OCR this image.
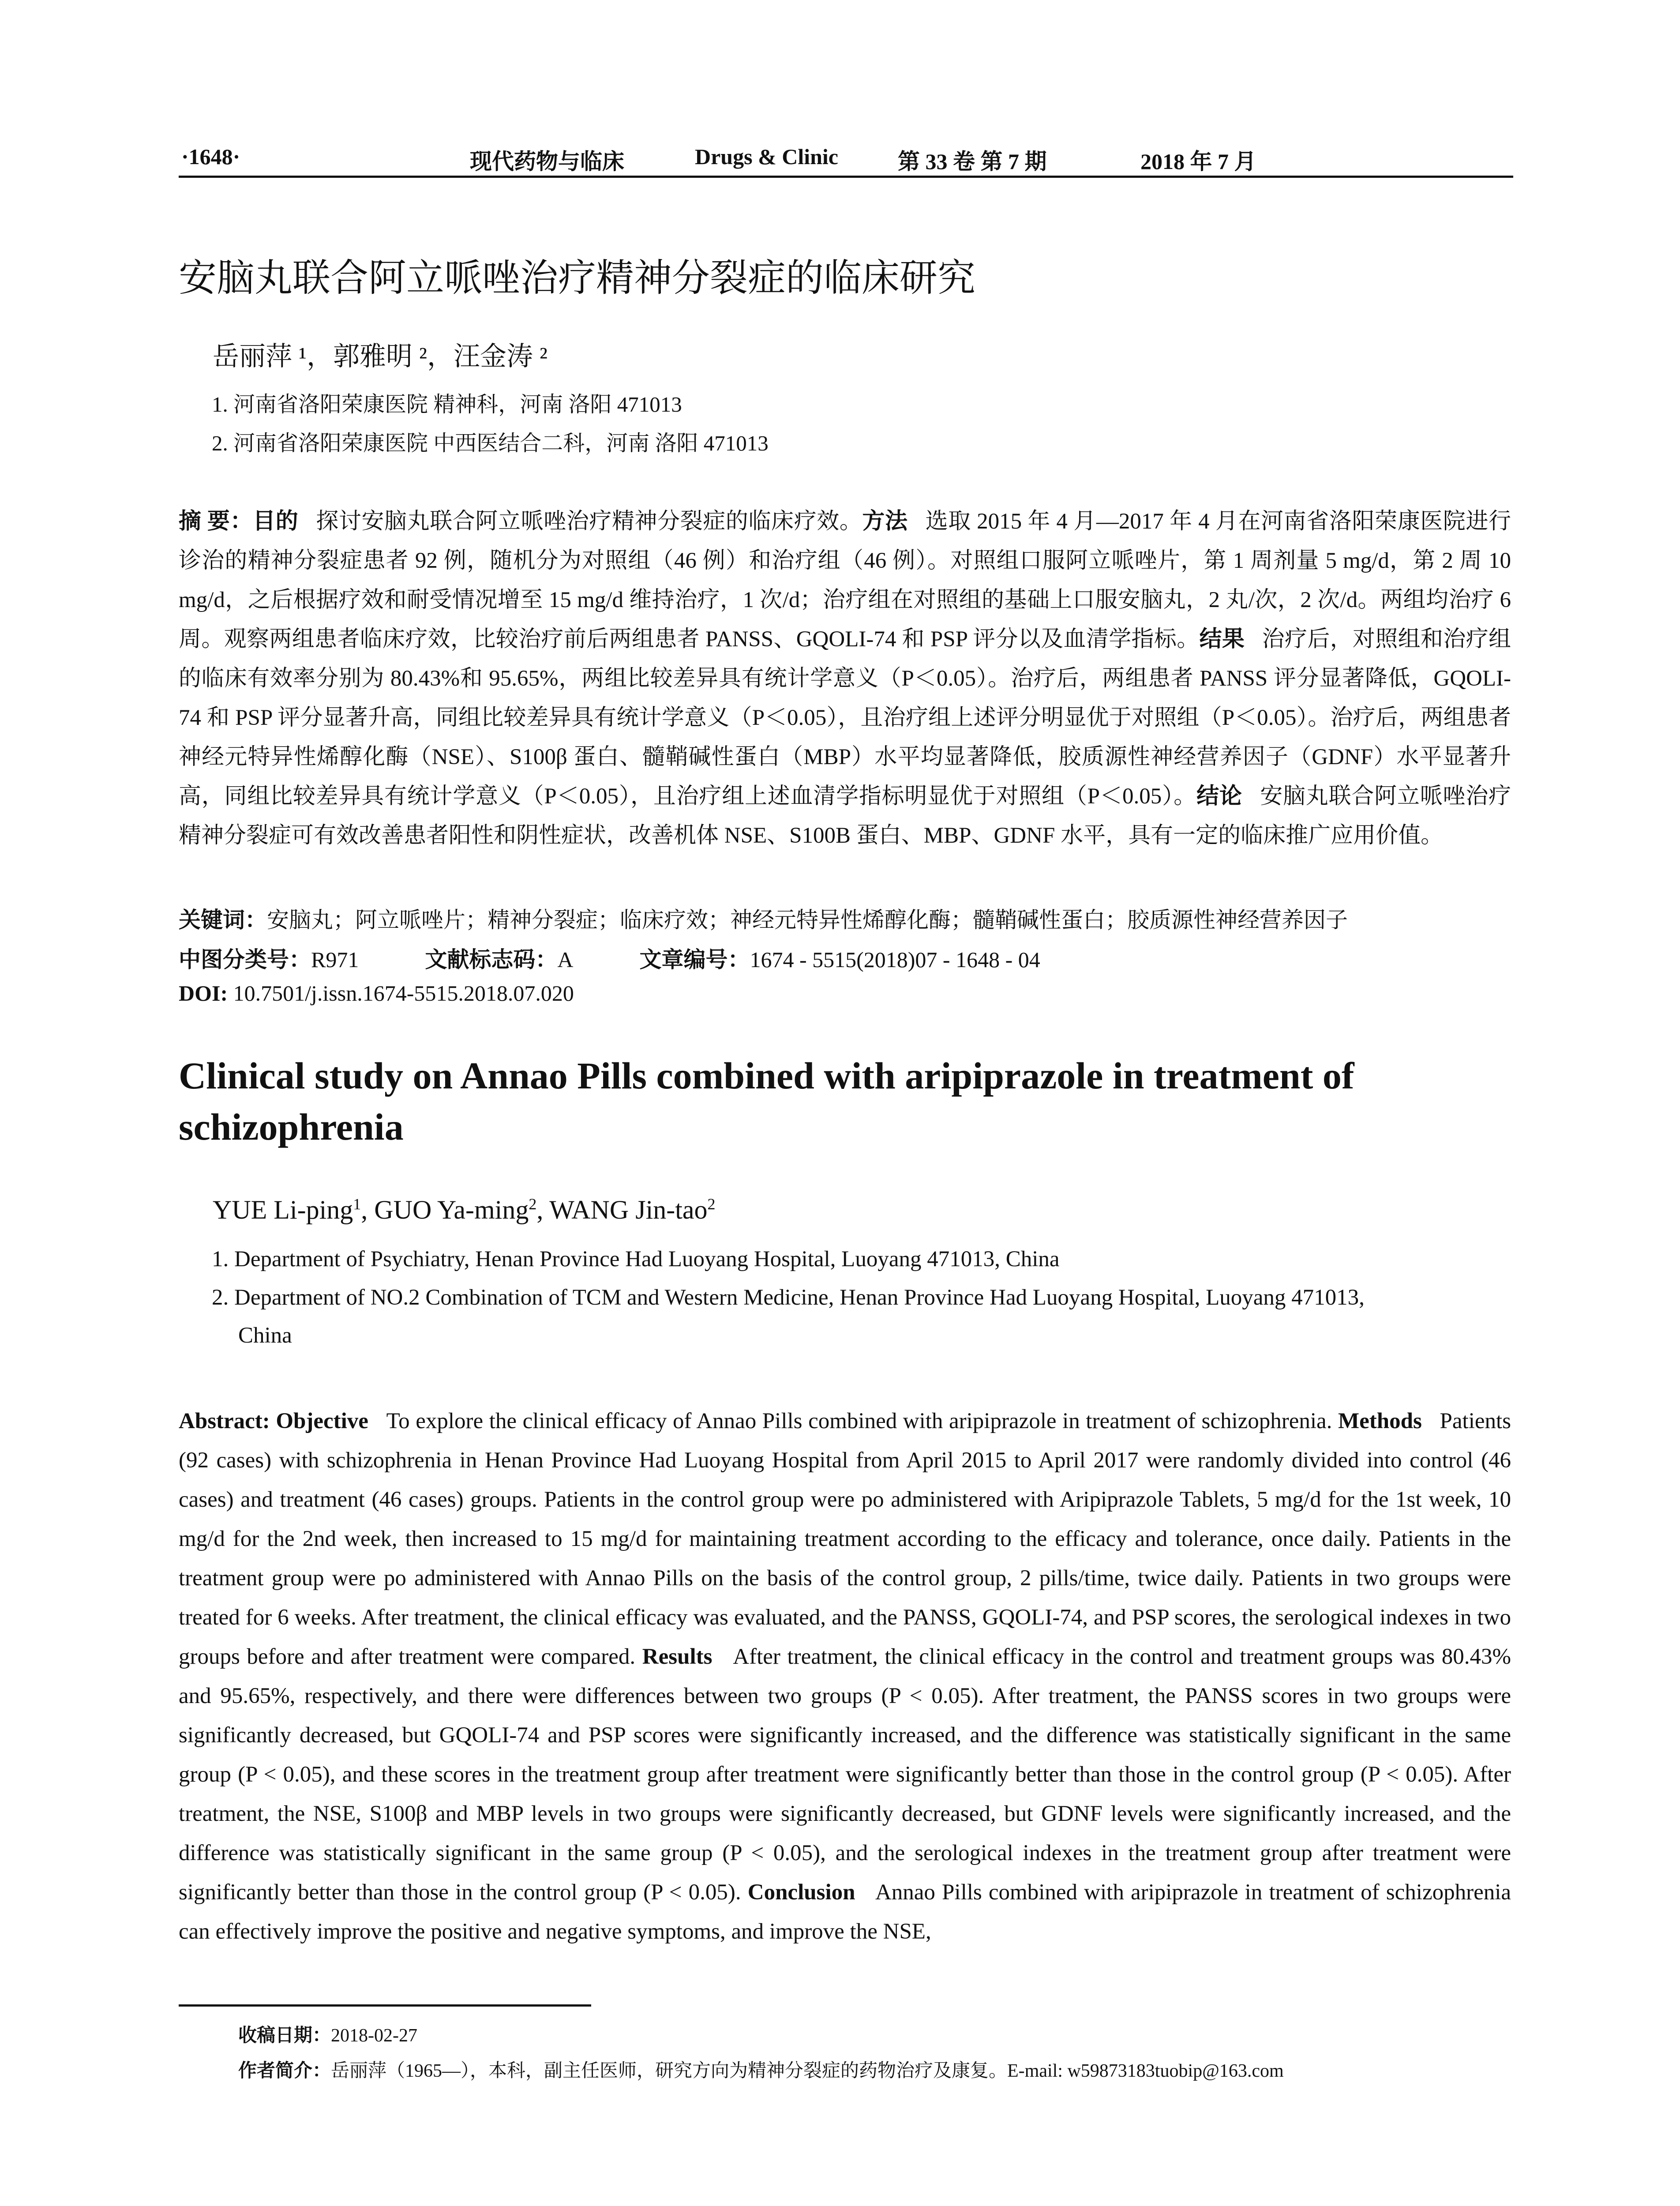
·1648·	现代药物与临床	Drugs & Clinic	第 33 卷 第 7 期	2018 年 7 月
安脑丸联合阿立哌唑治疗精神分裂症的临床研究
岳丽萍 ¹，郭雅明 ²，汪金涛 ²
1. 河南省洛阳荣康医院 精神科，河南 洛阳 471013
2. 河南省洛阳荣康医院 中西医结合二科，河南 洛阳 471013
摘 要：目的 探讨安脑丸联合阿立哌唑治疗精神分裂症的临床疗效。方法 选取 2015 年 4 月—2017 年 4 月在河南省洛阳荣康医院进行诊治的精神分裂症患者 92 例，随机分为对照组（46 例）和治疗组（46 例）。对照组口服阿立哌唑片，第 1 周剂量 5 mg/d，第 2 周 10 mg/d，之后根据疗效和耐受情况增至 15 mg/d 维持治疗，1 次/d；治疗组在对照组的基础上口服安脑丸，2 丸/次，2 次/d。两组均治疗 6 周。观察两组患者临床疗效，比较治疗前后两组患者 PANSS、GQOLI-74 和 PSP 评分以及血清学指标。结果 治疗后，对照组和治疗组的临床有效率分别为 80.43%和 95.65%，两组比较差异具有统计学意义（P＜0.05）。治疗后，两组患者 PANSS 评分显著降低，GQOLI-74 和 PSP 评分显著升高，同组比较差异具有统计学意义（P＜0.05），且治疗组上述评分明显优于对照组（P＜0.05）。治疗后，两组患者神经元特异性烯醇化酶（NSE）、S100β 蛋白、髓鞘碱性蛋白（MBP）水平均显著降低，胶质源性神经营养因子（GDNF）水平显著升高，同组比较差异具有统计学意义（P＜0.05），且治疗组上述血清学指标明显优于对照组（P＜0.05）。结论 安脑丸联合阿立哌唑治疗精神分裂症可有效改善患者阳性和阴性症状，改善机体 NSE、S100B 蛋白、MBP、GDNF 水平，具有一定的临床推广应用价值。
关键词：安脑丸；阿立哌唑片；精神分裂症；临床疗效；神经元特异性烯醇化酶；髓鞘碱性蛋白；胶质源性神经营养因子
中图分类号：R971	文献标志码：A	文章编号：1674 - 5515(2018)07 - 1648 - 04
DOI: 10.7501/j.issn.1674-5515.2018.07.020
Clinical study on Annao Pills combined with aripiprazole in treatment of schizophrenia
YUE Li-ping$^1$, GUO Ya-ming$^2$, WANG Jin-tao$^2$
1. Department of Psychiatry, Henan Province Had Luoyang Hospital, Luoyang 471013, China
2. Department of NO.2 Combination of TCM and Western Medicine, Henan Province Had Luoyang Hospital, Luoyang 471013,
China
Abstract: Objective To explore the clinical efficacy of Annao Pills combined with aripiprazole in treatment of schizophrenia. Methods Patients (92 cases) with schizophrenia in Henan Province Had Luoyang Hospital from April 2015 to April 2017 were randomly divided into control (46 cases) and treatment (46 cases) groups. Patients in the control group were po administered with Aripiprazole Tablets, 5 mg/d for the 1st week, 10 mg/d for the 2nd week, then increased to 15 mg/d for maintaining treatment according to the efficacy and tolerance, once daily. Patients in the treatment group were po administered with Annao Pills on the basis of the control group, 2 pills/time, twice daily. Patients in two groups were treated for 6 weeks. After treatment, the clinical efficacy was evaluated, and the PANSS, GQOLI-74, and PSP scores, the serological indexes in two groups before and after treatment were compared. Results After treatment, the clinical efficacy in the control and treatment groups was 80.43% and 95.65%, respectively, and there were differences between two groups (P < 0.05). After treatment, the PANSS scores in two groups were significantly decreased, but GQOLI-74 and PSP scores were significantly increased, and the difference was statistically significant in the same group (P < 0.05), and these scores in the treatment group after treatment were significantly better than those in the control group (P < 0.05). After treatment, the NSE, S100β and MBP levels in two groups were significantly decreased, but GDNF levels were significantly increased, and the difference was statistically significant in the same group (P < 0.05), and the serological indexes in the treatment group after treatment were significantly better than those in the control group (P < 0.05). Conclusion Annao Pills combined with aripiprazole in treatment of schizophrenia can effectively improve the positive and negative symptoms, and improve the NSE,
收稿日期：2018-02-27
作者简介：岳丽萍（1965—），本科，副主任医师，研究方向为精神分裂症的药物治疗及康复。E-mail: w59873183tuobip@163.com
